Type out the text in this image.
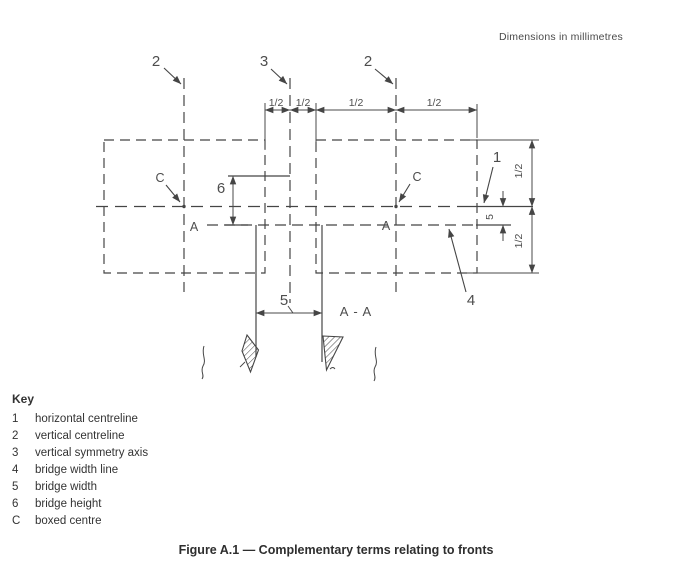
Dimensions in millimetres
1/2 1/2	1/2	1/2
2	3	2
C	C
A	A
6
1/2
1/2
5
1
4
5
A - A
Key
1	horizontal centreline
2	vertical centreline
3	vertical symmetry axis
4	bridge width line
5	bridge width
6	bridge height
C	boxed centre
Figure A.1 — Complementary terms relating to fronts
